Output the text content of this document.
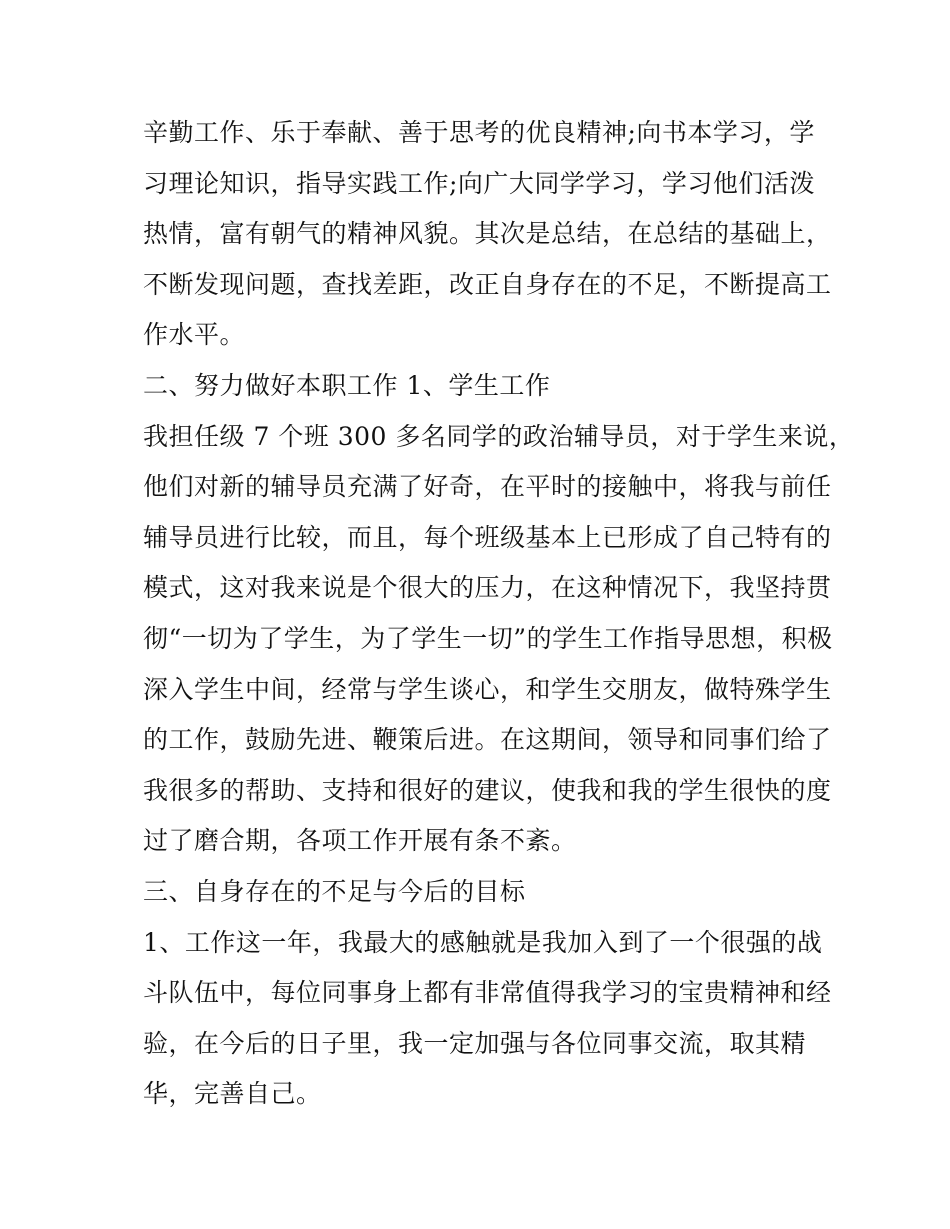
辛勤工作、乐于奉献、善于思考的优良精神;向书本学习，学
习理论知识，指导实践工作;向广大同学学习，学习他们活泼
热情，富有朝气的精神风貌。其次是总结，在总结的基础上，
不断发现问题，查找差距，改正自身存在的不足，不断提高工
作水平。
二、努力做好本职工作 1、学生工作
我担任级 7 个班 300 多名同学的政治辅导员，对于学生来说，
他们对新的辅导员充满了好奇，在平时的接触中，将我与前任
辅导员进行比较，而且，每个班级基本上已形成了自己特有的
模式，这对我来说是个很大的压力，在这种情况下，我坚持贯
彻“一切为了学生，为了学生一切”的学生工作指导思想，积极
深入学生中间，经常与学生谈心，和学生交朋友，做特殊学生
的工作，鼓励先进、鞭策后进。在这期间，领导和同事们给了
我很多的帮助、支持和很好的建议，使我和我的学生很快的度
过了磨合期，各项工作开展有条不紊。
三、自身存在的不足与今后的目标
1、工作这一年，我最大的感触就是我加入到了一个很强的战
斗队伍中，每位同事身上都有非常值得我学习的宝贵精神和经
验，在今后的日子里，我一定加强与各位同事交流，取其精
华，完善自己。
